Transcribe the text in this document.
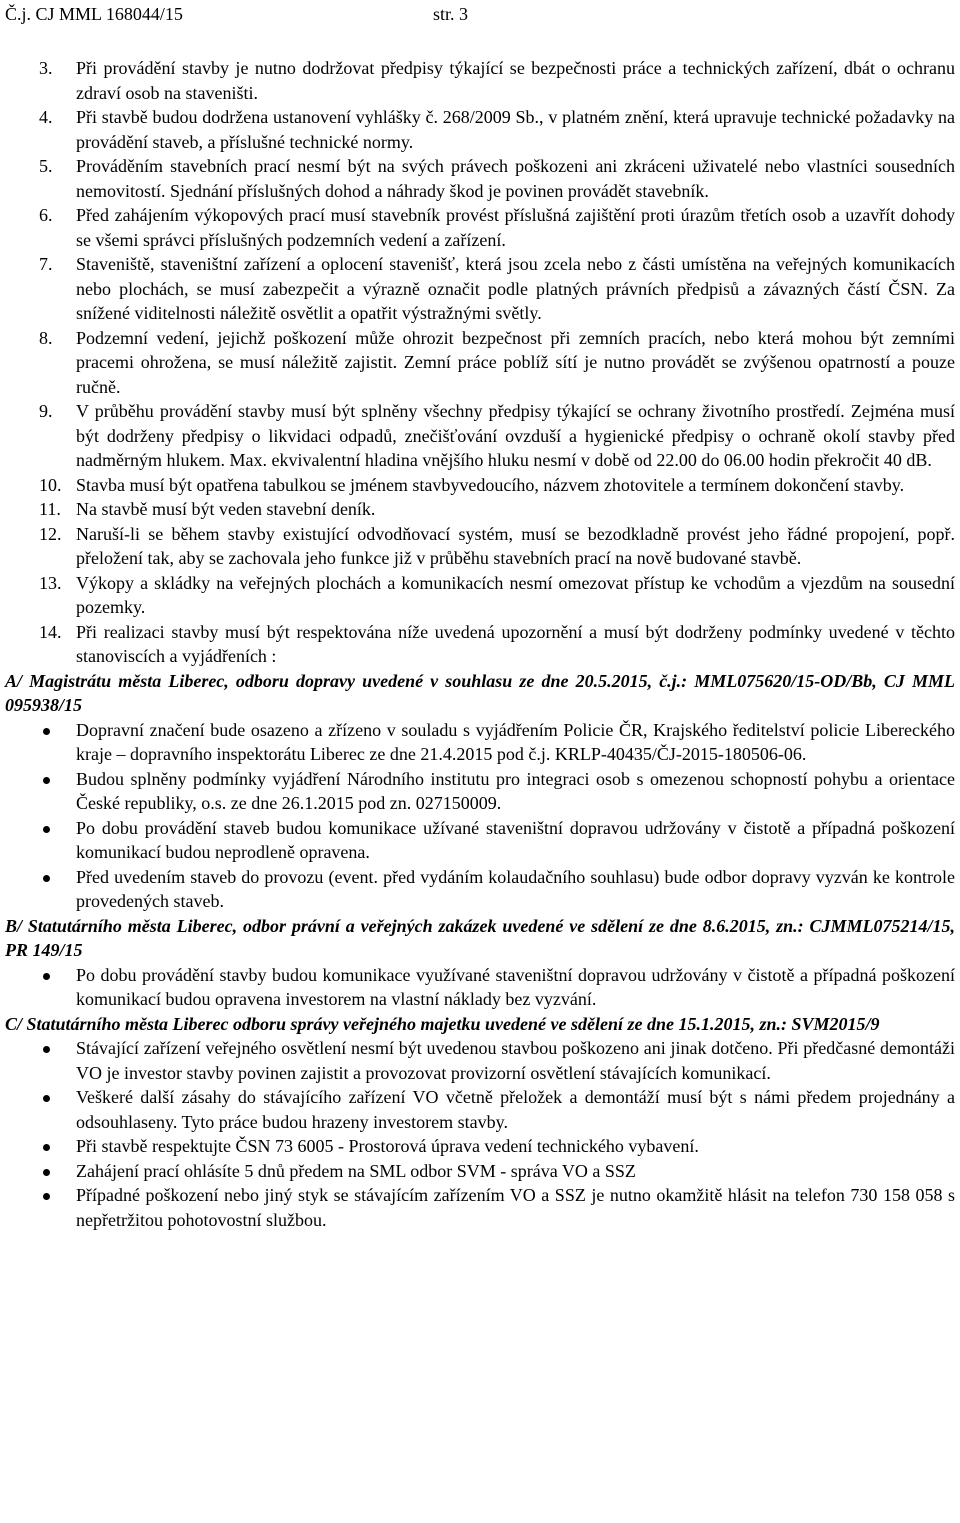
Č.j. CJ MML 168044/15	str. 3
3. Při provádění stavby je nutno dodržovat předpisy týkající se bezpečnosti práce a technických zařízení, dbát o ochranu zdraví osob na staveništi.
4. Při stavbě budou dodržena ustanovení vyhlášky č. 268/2009 Sb., v platném znění, která upravuje technické požadavky na provádění staveb, a příslušné technické normy.
5. Prováděním stavebních prací nesmí být na svých právech poškozeni ani zkráceni uživatelé nebo vlastníci sousedních nemovitostí. Sjednání příslušných dohod a náhrady škod je povinen provádět stavebník.
6. Před zahájením výkopových prací musí stavebník provést příslušná zajištění proti úrazům třetích osob a uzavřít dohody se všemi správci příslušných podzemních vedení a zařízení.
7. Staveniště, staveništní zařízení a oplocení stavenišť, která jsou zcela nebo z části umístěna na veřejných komunikacích nebo plochách, se musí zabezpečit a výrazně označit podle platných právních předpisů a závazných částí ČSN. Za snížené viditelnosti náležitě osvětlit a opatřit výstražnými světly.
8. Podzemní vedení, jejichž poškození může ohrozit bezpečnost při zemních pracích, nebo která mohou být zemními pracemi ohrožena, se musí náležitě zajistit. Zemní práce poblíž sítí je nutno provádět se zvýšenou opatrností a pouze ručně.
9. V průběhu provádění stavby musí být splněny všechny předpisy týkající se ochrany životního prostředí. Zejména musí být dodrženy předpisy o likvidaci odpadů, znečišťování ovzduší a hygienické předpisy o ochraně okolí stavby před nadměrným hlukem. Max. ekvivalentní hladina vnějšího hluku nesmí v době od 22.00 do 06.00 hodin překročit 40 dB.
10. Stavba musí být opatřena tabulkou se jménem stavbyvedoucího, názvem zhotovitele a termínem dokončení stavby.
11. Na stavbě musí být veden stavební deník.
12. Naruší-li se během stavby existující odvodňovací systém, musí se bezodkladně provést jeho řádné propojení, popř. přeložení tak, aby se zachovala jeho funkce již v průběhu stavebních prací na nově budované stavbě.
13. Výkopy a skládky na veřejných plochách a komunikacích nesmí omezovat přístup ke vchodům a vjezdům na sousední pozemky.
14. Při realizaci stavby musí být respektována níže uvedená upozornění a musí být dodrženy podmínky uvedené v těchto stanoviscích a vyjádřeních :
A/ Magistrátu města Liberec, odboru dopravy uvedené v souhlasu ze dne 20.5.2015, č.j.: MML075620/15-OD/Bb, CJ MML 095938/15
Dopravní značení bude osazeno a zřízeno v souladu s vyjádřením Policie ČR, Krajského ředitelství policie Libereckého kraje – dopravního inspektorátu Liberec ze dne 21.4.2015 pod č.j. KRLP-40435/ČJ-2015-180506-06.
Budou splněny podmínky vyjádření Národního institutu pro integraci osob s omezenou schopností pohybu a orientace České republiky, o.s. ze dne 26.1.2015 pod zn. 027150009.
Po dobu provádění staveb budou komunikace užívané staveništní dopravou udržovány v čistotě a případná poškození komunikací budou neprodleně opravena.
Před uvedením staveb do provozu (event. před vydáním kolaudačního souhlasu) bude odbor dopravy vyzván ke kontrole provedených staveb.
B/ Statutárního města Liberec, odbor právní a veřejných zakázek uvedené ve sdělení ze dne 8.6.2015, zn.: CJMML075214/15, PR 149/15
Po dobu provádění stavby budou komunikace využívané staveništní dopravou udržovány v čistotě a případná poškození komunikací budou opravena investorem na vlastní náklady bez vyzvání.
C/ Statutárního města Liberec odboru správy veřejného majetku uvedené ve sdělení ze dne 15.1.2015, zn.: SVM2015/9
Stávající zařízení veřejného osvětlení nesmí být uvedenou stavbou poškozeno ani jinak dotčeno. Při předčasné demontáži VO je investor stavby povinen zajistit a provozovat provizorní osvětlení stávajících komunikací.
Veškeré další zásahy do stávajícího zařízení VO včetně přeložek a demontáží musí být s námi předem projednány a odsouhlaseny. Tyto práce budou hrazeny investorem stavby.
Při stavbě respektujte ČSN 73 6005 - Prostorová úprava vedení technického vybavení.
Zahájení prací ohlásíte 5 dnů předem na SML odbor SVM - správa VO a SSZ
Případné poškození nebo jiný styk se stávajícím zařízením VO a SSZ je nutno okamžitě hlásit na telefon 730 158 058 s nepřetržitou pohotovostní službou.
